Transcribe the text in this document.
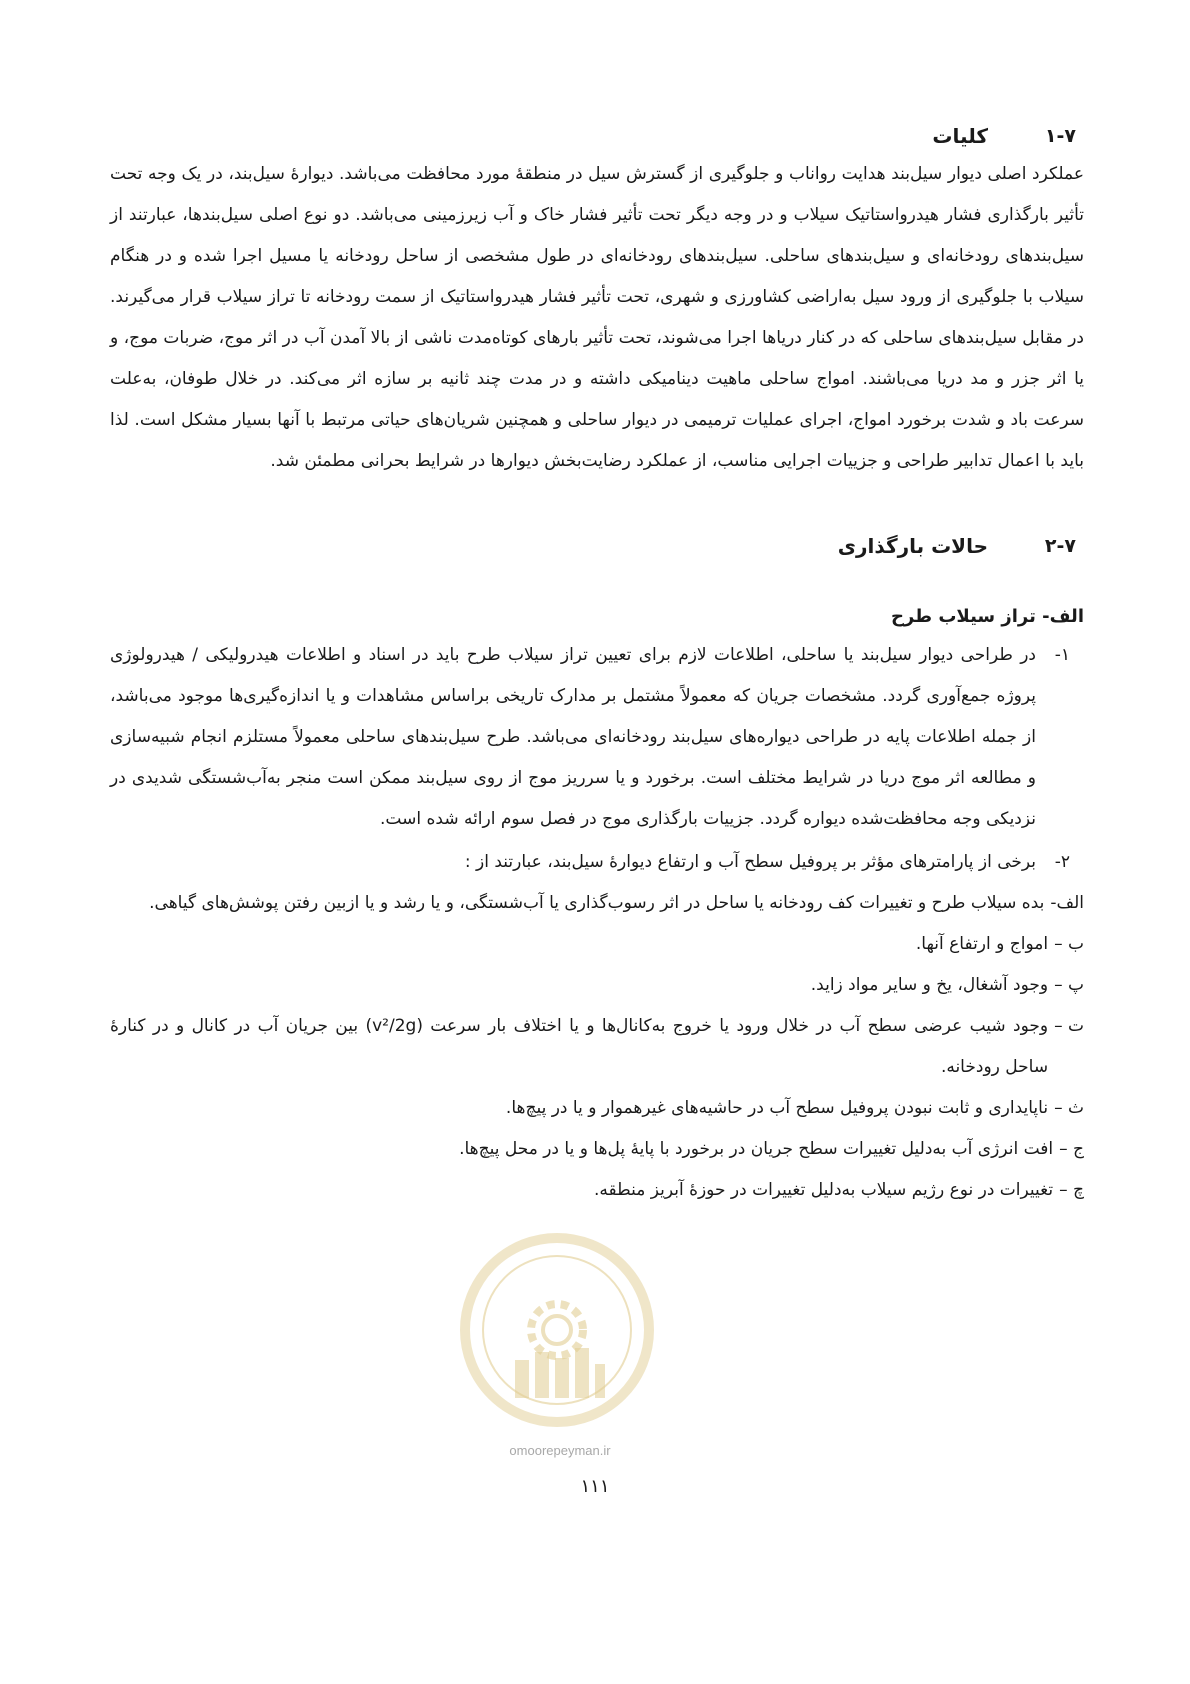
۱-۷
کلیات

عملکرد اصلی دیوار سیل‌بند هدایت رواناب و جلوگیری از گسترش سیل در منطقهٔ مورد محافظت می‌باشد. دیوارهٔ سیل‌بند، در یک وجه تحت تأثیر بارگذاری فشار هیدرواستاتیک سیلاب و در وجه دیگر تحت تأثیر فشار خاک و آب زیرزمینی می‌باشد. دو نوع اصلی سیل‌بندها، عبارتند از سیل‌بندهای رودخانه‌ای و سیل‌بندهای ساحلی. سیل‌بندهای رودخانه‌ای در طول مشخصی از ساحل رودخانه یا مسیل اجرا شده و در هنگام سیلاب با جلوگیری از ورود سیل به‌اراضی کشاورزی و شهری، تحت تأثیر فشار هیدرواستاتیک از سمت رودخانه تا تراز سیلاب قرار می‌گیرند. در مقابل سیل‌بندهای ساحلی که در کنار دریاها اجرا می‌شوند، تحت تأثیر بارهای کوتاه‌مدت ناشی از بالا آمدن آب در اثر موج، ضربات موج، و یا اثر جزر و مد دریا می‌باشند. امواج ساحلی ماهیت دینامیکی داشته و در مدت چند ثانیه بر سازه اثر می‌کند. در خلال طوفان، به‌علت سرعت باد و شدت برخورد امواج، اجرای عملیات ترمیمی در دیوار ساحلی و همچنین شریان‌های حیاتی مرتبط با آنها بسیار مشکل است. لذا باید با اعمال تدابیر طراحی و جزییات اجرایی مناسب، از عملکرد رضایت‌بخش دیوارها در شرایط بحرانی مطمئن شد.

۲-۷
حالات بارگذاری
الف- تراز سیلاب طرح
۱-
در طراحی دیوار سیل‌بند یا ساحلی، اطلاعات لازم برای تعیین تراز سیلاب طرح باید در اسناد و اطلاعات هیدرولیکی / هیدرولوژی پروژه جمع‌آوری گردد. مشخصات جریان که معمولاً مشتمل بر مدارک تاریخی براساس مشاهدات و یا اندازه‌گیری‌ها موجود می‌باشد، از جمله اطلاعات پایه در طراحی دیواره‌های سیل‌بند رودخانه‌ای می‌باشد. طرح سیل‌بندهای ساحلی معمولاً مستلزم انجام شبیه‌سازی و مطالعه اثر موج دریا در شرایط مختلف است. برخورد و یا سرریز موج از روی سیل‌بند ممکن است منجر به‌آب‌شستگی شدیدی در نزدیکی وجه محافظت‌شده دیواره گردد. جزییات بارگذاری موج در فصل سوم ارائه شده است.
۲-
برخی از پارامترهای مؤثر بر پروفیل سطح آب و ارتفاع دیوارهٔ سیل‌بند، عبارتند از :
الف-
بده سیلاب طرح و تغییرات کف رودخانه یا ساحل در اثر رسوب‌گذاری یا آب‌شستگی، و یا رشد و یا ازبین رفتن پوشش‌های گیاهی.
ب –
امواج و ارتفاع آنها.
پ –
وجود آشغال، یخ و سایر مواد زاید.
ت –
وجود شیب عرضی سطح آب در خلال ورود یا خروج به‌کانال‌ها و یا اختلاف بار سرعت (v²/2g) بین جریان آب در کانال و در کنارهٔ ساحل رودخانه.
ث –
ناپایداری و ثابت نبودن پروفیل سطح آب در حاشیه‌های غیرهموار و یا در پیچ‌ها.
ج –
افت انرژی آب به‌دلیل تغییرات سطح جریان در برخورد با پایهٔ پل‌ها و یا در محل پیچ‌ها.
چ –
تغییرات در نوع رژیم سیلاب به‌دلیل تغییرات در حوزهٔ آبریز منطقه.
omoorepeyman.ir
۱۱۱
